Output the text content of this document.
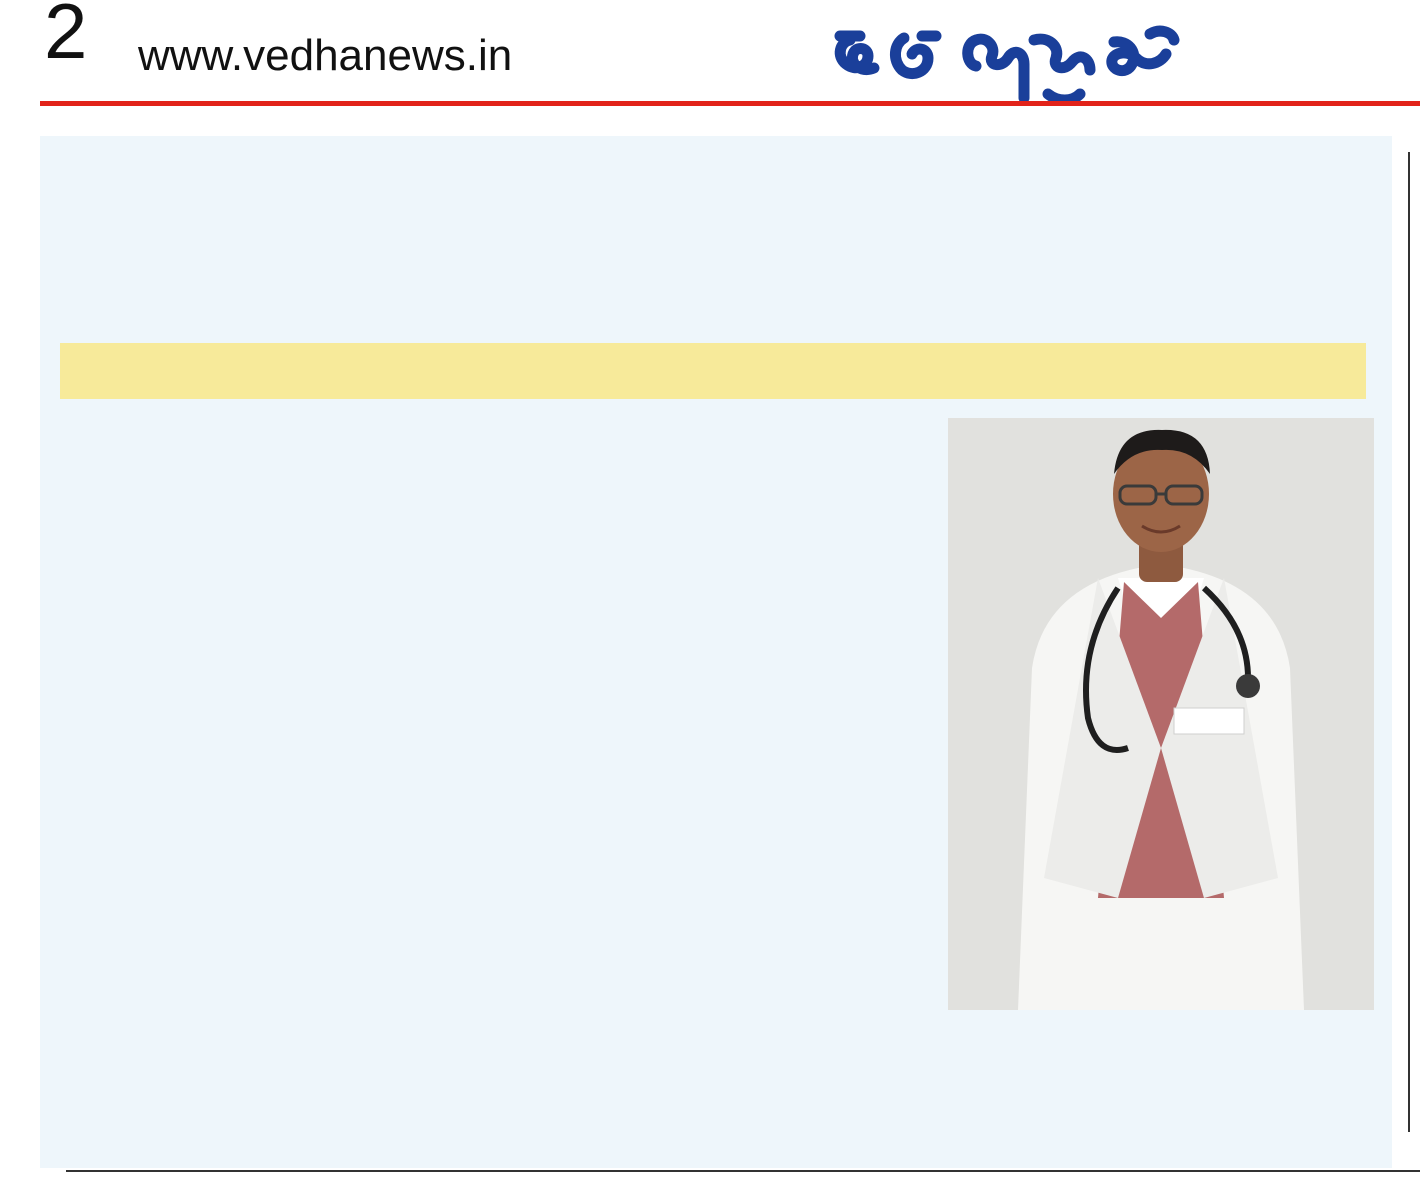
2 www.vedhanews.in
